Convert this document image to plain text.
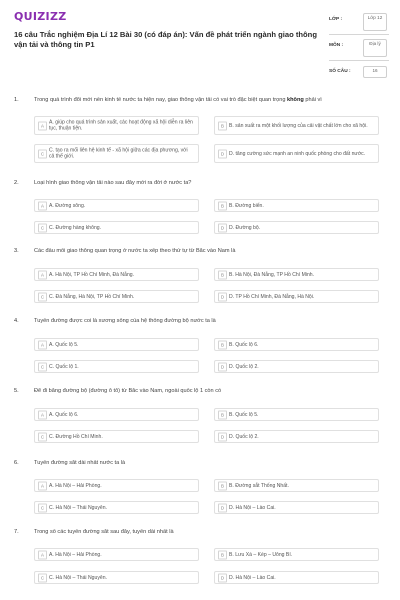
QUIZIZZ
16 câu Trắc nghiệm Địa Lí 12 Bài 30 (có đáp án): Vấn đề phát triển ngành giao thông vận tải và thông tin P1
LỚP :	Lớp 12
MÔN :	Địa lý
SỐ CÂU :	16
1.	Trong quá trình đổi mới nền kinh tế nước ta hiện nay, giao thông vận tải có vai trò đặc biệt quan trọng không phải vì
A
A. giúp cho quá trình sản xuất, các hoạt động xã hội diễn ra liên tục, thuận tiện.	B B. sản xuất ra một khối lượng của cải vật chất lớn cho xã hội.
C
C. tạo ra mối liên hệ kinh tế - xã hội giữa các địa phương, với cả thế giới.	D D. tăng cường sức mạnh an ninh quốc phòng cho đất nước.
2.	Loại hình giao thông vận tải nào sau đây mới ra đời ở nước ta?
A A. Đường sông.	B B. Đường biển.
C C. Đường hàng không.	D D. Đường bộ.
3.	Các đầu mối giao thông quan trọng ở nước ta xếp theo thứ tự từ Bắc vào Nam là
A A. Hà Nội, TP Hồ Chí Minh, Đà Nẵng.	B B. Hà Nội, Đà Nẵng, TP Hồ Chí Minh.
C C. Đà Nẵng, Hà Nội, TP Hồ Chí Minh.	D D. TP Hồ Chí Minh, Đà Nẵng, Hà Nội.
4.	Tuyến đường được coi là xương sống của hệ thống đường bộ nước ta là
A A. Quốc lộ 5.	B B. Quốc lộ 6.
C C. Quốc lộ 1.	D D. Quốc lộ 2.
5.	Để đi bằng đường bộ (đường ô tô) từ Bắc vào Nam, ngoài quốc lộ 1 còn có
A A. Quốc lộ 6.	B B. Quốc lộ 5.
C C. Đường Hồ Chí Minh.	D D. Quốc lộ 2.
6.	Tuyến đường sắt dài nhất nước ta là
A A. Hà Nội – Hải Phòng.	B B. Đường sắt Thống Nhất.
C C. Hà Nội – Thái Nguyên.	D D. Hà Nội – Lào Cai.
7.	Trong số các tuyến đường sắt sau đây, tuyến dài nhất là
A A. Hà Nội – Hải Phòng.	B B. Lưu Xá – Kép – Uông Bí.
C C. Hà Nội – Thái Nguyên.	D D. Hà Nội – Lào Cai.
